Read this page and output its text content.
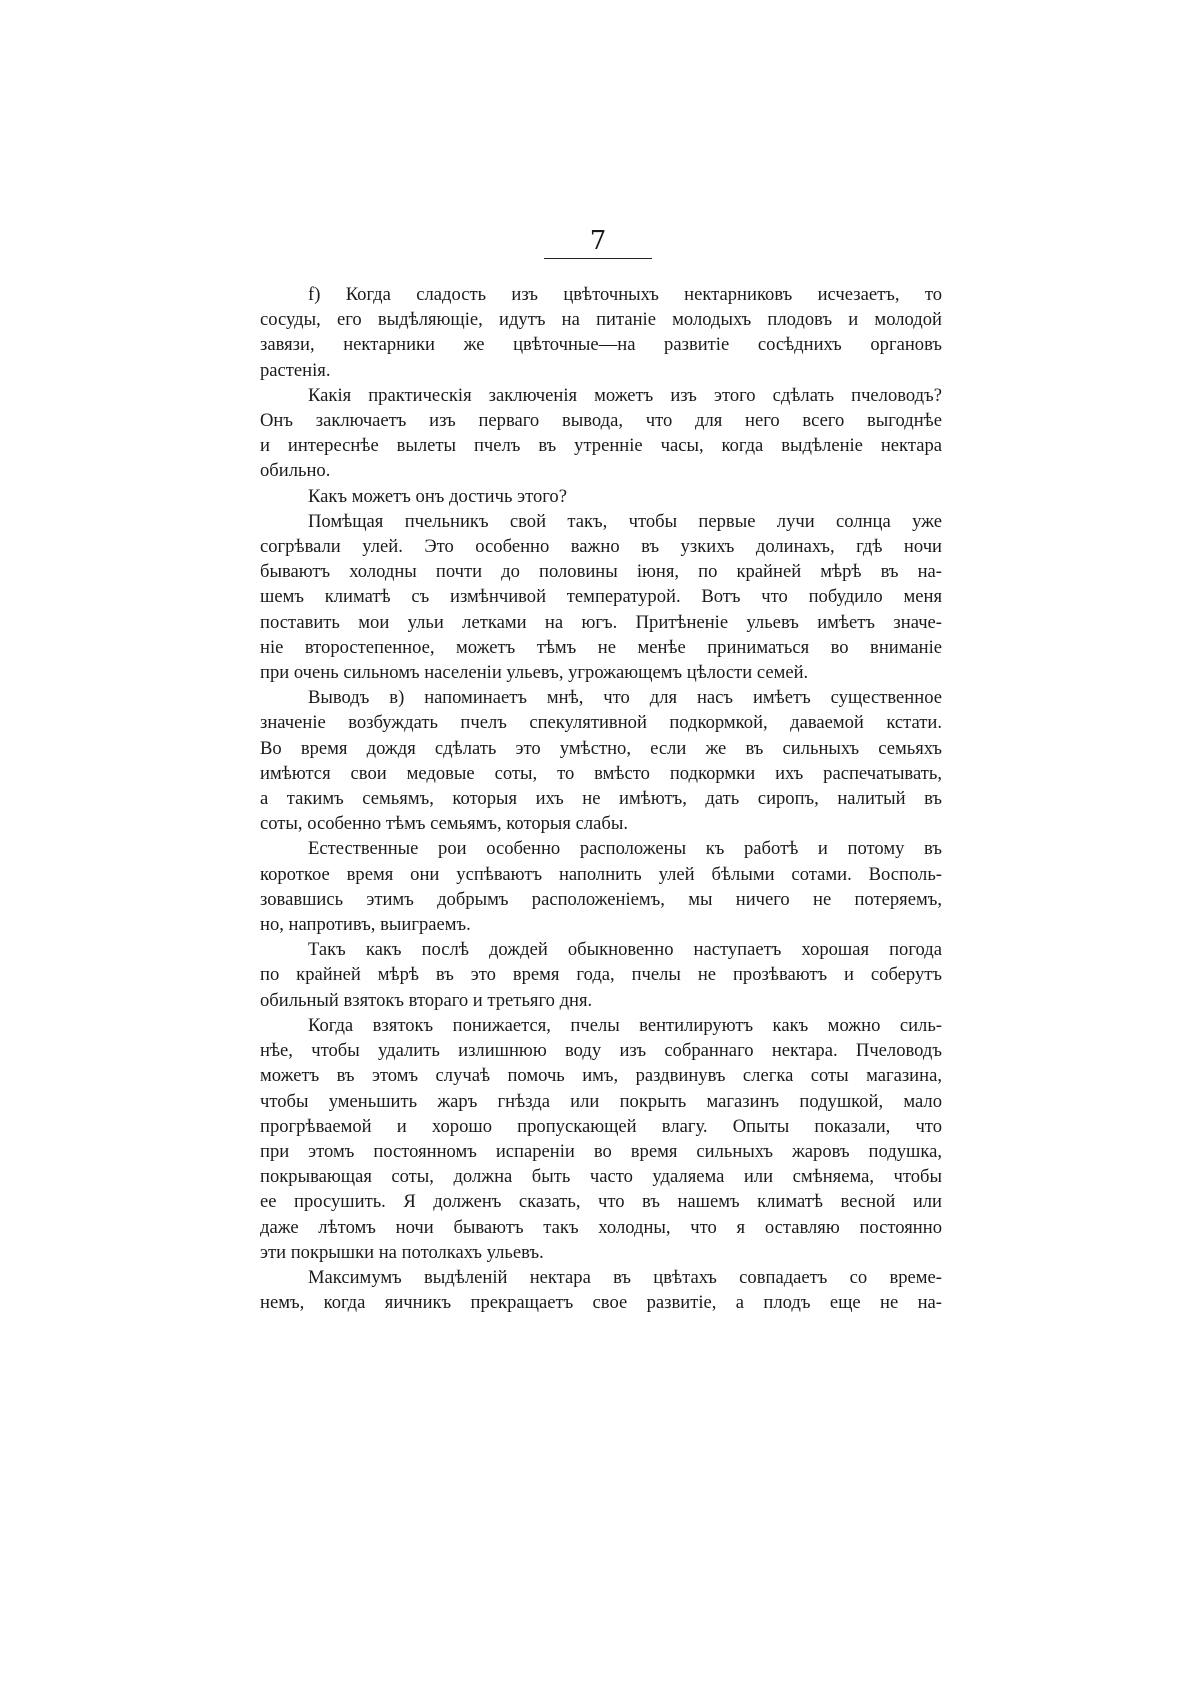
7
f) Когда сладость изъ цвѣточныхъ нектарниковъ исчезаетъ, то
сосуды, его выдѣляющіе, идутъ на питаніе молодыхъ плодовъ и молодой
завязи, нектарники же цвѣточные—на развитіе сосѣднихъ органовъ
растенія.
Какія практическія заключенія можетъ изъ этого сдѣлать пчеловодъ?
Онъ заключаетъ изъ перваго вывода, что для него всего выгоднѣе
и интереснѣе вылеты пчелъ въ утренніе часы, когда выдѣленіе нектара
обильно.
Какъ можетъ онъ достичь этого?
Помѣщая пчельникъ свой такъ, чтобы первые лучи солнца уже
согрѣвали улей. Это особенно важно въ узкихъ долинахъ, гдѣ ночи
бываютъ холодны почти до половины іюня, по крайней мѣрѣ въ на-
шемъ климатѣ съ измѣнчивой температурой. Вотъ что побудило меня
поставить мои ульи летками на югъ. Притѣненіе ульевъ имѣетъ значе-
ніе второстепенное, можетъ тѣмъ не менѣе приниматься во вниманіе
при очень сильномъ населеніи ульевъ, угрожающемъ цѣлости семей.
Выводъ в) напоминаетъ мнѣ, что для насъ имѣетъ существенное
значеніе возбуждать пчелъ спекулятивной подкормкой, даваемой кстати.
Во время дождя сдѣлать это умѣстно, если же въ сильныхъ семьяхъ
имѣются свои медовые соты, то вмѣсто подкормки ихъ распечатывать,
а такимъ семьямъ, которыя ихъ не имѣютъ, дать сиропъ, налитый въ
соты, особенно тѣмъ семьямъ, которыя слабы.
Естественные рои особенно расположены къ работѣ и потому въ
короткое время они успѣваютъ наполнить улей бѣлыми сотами. Восполь-
зовавшись этимъ добрымъ расположеніемъ, мы ничего не потеряемъ,
но, напротивъ, выиграемъ.
Такъ какъ послѣ дождей обыкновенно наступаетъ хорошая погода
по крайней мѣрѣ въ это время года, пчелы не прозѣваютъ и соберутъ
обильный взятокъ втораго и третьяго дня.
Когда взятокъ понижается, пчелы вентилируютъ какъ можно силь-
нѣе, чтобы удалить излишнюю воду изъ собраннаго нектара. Пчеловодъ
можетъ въ этомъ случаѣ помочь имъ, раздвинувъ слегка соты магазина,
чтобы уменьшить жаръ гнѣзда или покрыть магазинъ подушкой, мало
прогрѣваемой и хорошо пропускающей влагу. Опыты показали, что
при этомъ постоянномъ испареніи во время сильныхъ жаровъ подушка,
покрывающая соты, должна быть часто удаляема или смѣняема, чтобы
ее просушить. Я долженъ сказать, что въ нашемъ климатѣ весной или
даже лѣтомъ ночи бываютъ такъ холодны, что я оставляю постоянно
эти покрышки на потолкахъ ульевъ.
Максимумъ выдѣленій нектара въ цвѣтахъ совпадаетъ со време-
немъ, когда яичникъ прекращаетъ свое развитіе, а плодъ еще не на-
